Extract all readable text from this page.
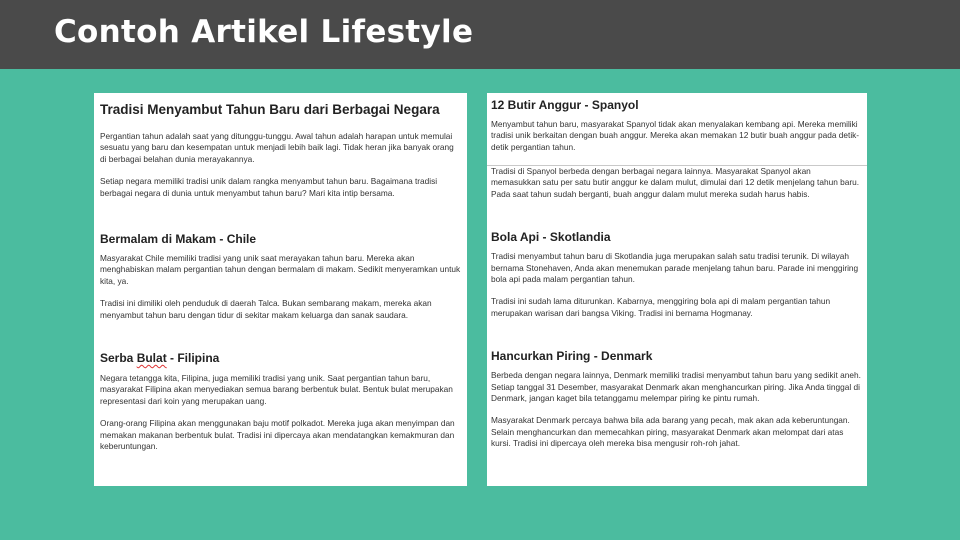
Contoh Artikel Lifestyle
Tradisi Menyambut Tahun Baru dari Berbagai Negara
Pergantian tahun adalah saat yang ditunggu-tunggu. Awal tahun adalah harapan untuk memulai sesuatu yang baru dan kesempatan untuk menjadi lebih baik lagi. Tidak heran jika banyak orang di berbagai belahan dunia merayakannya.
Setiap negara memiliki tradisi unik dalam rangka menyambut tahun baru. Bagaimana tradisi berbagai negara di dunia untuk menyambut tahun baru? Mari kita intip bersama.
Bermalam di Makam - Chile
Masyarakat Chile memiliki tradisi yang unik saat merayakan tahun baru. Mereka akan menghabiskan malam pergantian tahun dengan bermalam di makam. Sedikit menyeramkan untuk kita, ya.
Tradisi ini dimiliki oleh penduduk di daerah Talca. Bukan sembarang makam, mereka akan menyambut tahun baru dengan tidur di sekitar makam keluarga dan sanak saudara.
Serba Bulat - Filipina
Negara tetangga kita, Filipina, juga memiliki tradisi yang unik. Saat pergantian tahun baru, masyarakat Filipina akan menyediakan semua barang berbentuk bulat. Bentuk bulat merupakan representasi dari koin yang merupakan uang.
Orang-orang Filipina akan menggunakan baju motif polkadot. Mereka juga akan menyimpan dan memakan makanan berbentuk bulat. Tradisi ini dipercaya akan mendatangkan kemakmuran dan keberuntungan.
12 Butir Anggur - Spanyol
Menyambut tahun baru, masyarakat Spanyol tidak akan menyalakan kembang api. Mereka memiliki tradisi unik berkaitan dengan buah anggur. Mereka akan memakan 12 butir buah anggur pada detik-detik pergantian tahun.
Tradisi di Spanyol berbeda dengan berbagai negara lainnya. Masyarakat Spanyol akan memasukkan satu per satu butir anggur ke dalam mulut, dimulai dari 12 detik menjelang tahun baru. Pada saat tahun sudah berganti, buah anggur dalam mulut mereka sudah harus habis.
Bola Api - Skotlandia
Tradisi menyambut tahun baru di Skotlandia juga merupakan salah satu tradisi terunik. Di wilayah bernama Stonehaven, Anda akan menemukan parade menjelang tahun baru. Parade ini menggiring bola api pada malam pergantian tahun.
Tradisi ini sudah lama diturunkan. Kabarnya, menggiring bola api di malam pergantian tahun merupakan warisan dari bangsa Viking. Tradisi ini bernama Hogmanay.
Hancurkan Piring - Denmark
Berbeda dengan negara lainnya, Denmark memiliki tradisi menyambut tahun baru yang sedikit aneh. Setiap tanggal 31 Desember, masyarakat Denmark akan menghancurkan piring. Jika Anda tinggal di Denmark, jangan kaget bila tetanggamu melempar piring ke pintu rumah.
Masyarakat Denmark percaya bahwa bila ada barang yang pecah, mak akan ada keberuntungan. Selain menghancurkan dan memecahkan piring, masyarakat Denmark akan melompat dari atas kursi. Tradisi ini dipercaya oleh mereka bisa mengusir roh-roh jahat.
